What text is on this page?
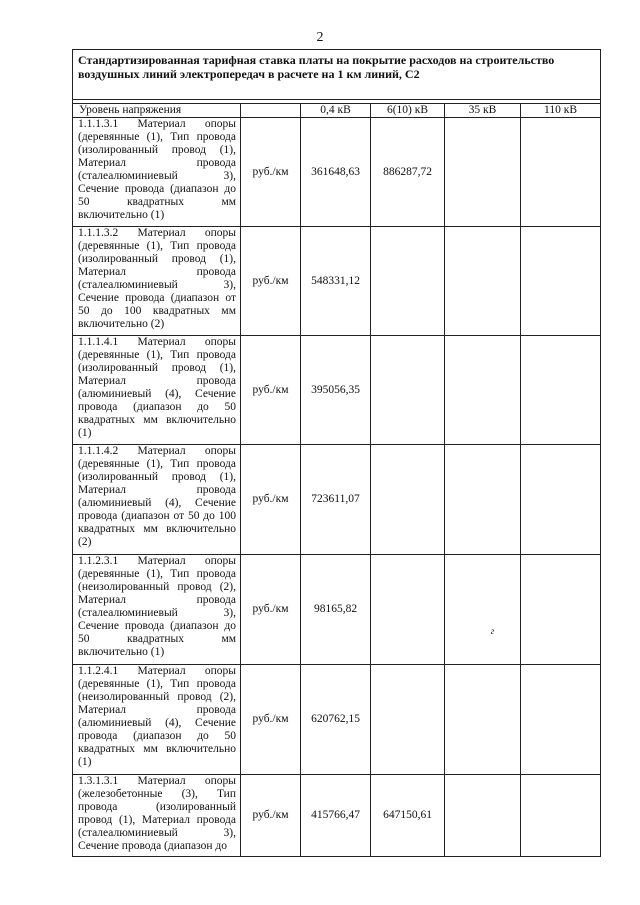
2
Стандартизированная тарифная ставка платы на покрытие расходов на строительство воздушных линий электропередач в расчете на 1 км линий, С2					

Уровень напряжения		0,4 кВ	6(10) кВ	35 кВ	110 кВ
1.1.1.3.1 Материал опоры (деревянные (1), Тип провода (изолированный провод (1), Материал провода (сталеалюминиевый 3), Сечение провода (диапазон до 50 квадратных мм включительно (1)	руб./км	361648,63	886287,72		
1.1.1.3.2 Материал опоры (деревянные (1), Тип провода (изолированный провод (1), Материал провода (сталеалюминиевый 3), Сечение провода (диапазон от 50 до 100 квадратных мм включительно (2)	руб./км	548331,12			
1.1.1.4.1 Материал опоры (деревянные (1), Тип провода (изолированный провод (1), Материал провода (алюминиевый (4), Сечение провода (диапазон до 50 квадратных мм включительно (1)	руб./км	395056,35			
1.1.1.4.2 Материал опоры (деревянные (1), Тип провода (изолированный провод (1), Материал провода (алюминиевый (4), Сечение провода (диапазон от 50 до 100 квадратных мм включительно (2)	руб./км	723611,07			
1.1.2.3.1 Материал опоры (деревянные (1), Тип провода (неизолированный провод (2), Материал провода (сталеалюминиевый 3), Сечение провода (диапазон до 50 квадратных мм включительно (1)	руб./км	98165,82		г	
1.1.2.4.1 Материал опоры (деревянные (1), Тип провода (неизолированный провод (2), Материал провода (алюминиевый (4), Сечение провода (диапазон до 50 квадратных мм включительно (1)	руб./км	620762,15			
1.3.1.3.1 Материал опоры (железобетонные (3), Тип провода (изолированный провод (1), Материал провода (сталеалюминиевый 3), Сечение провода (диапазон до	руб./км	415766,47	647150,61		
